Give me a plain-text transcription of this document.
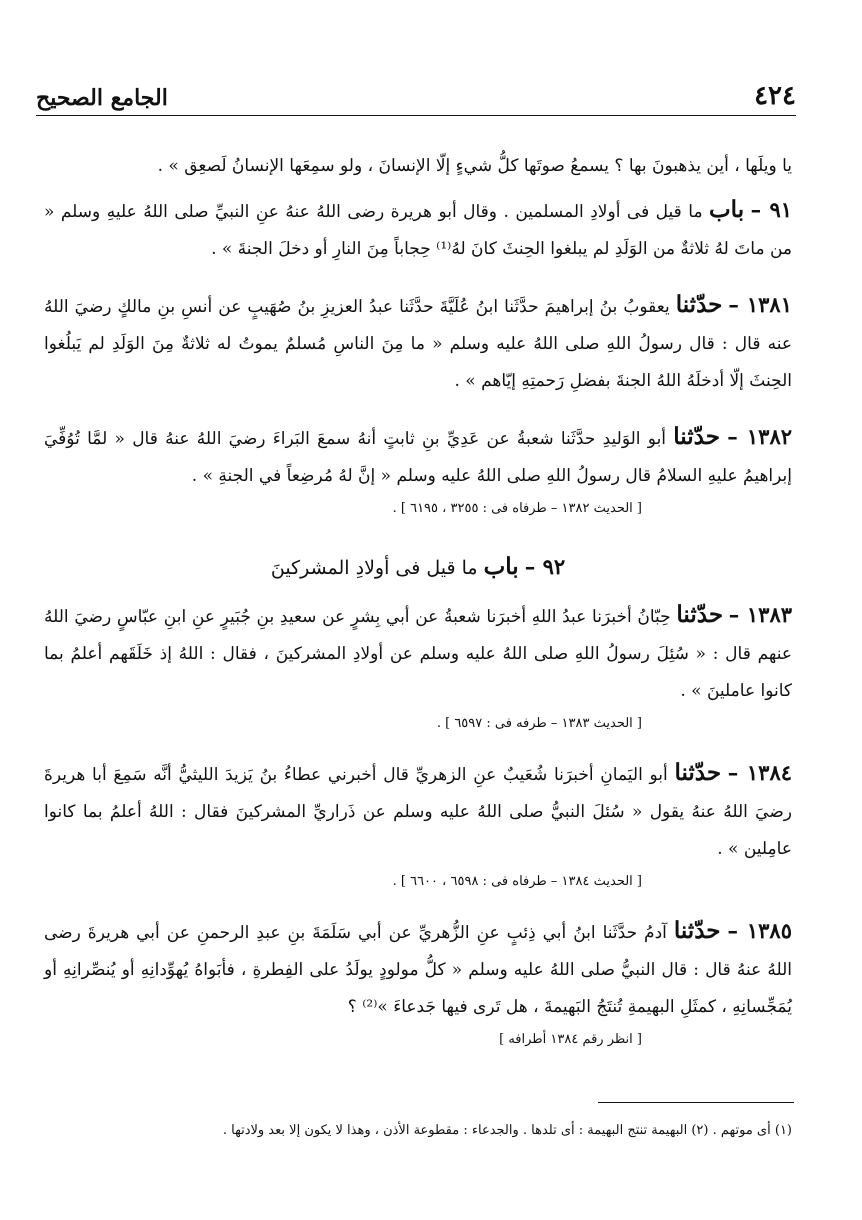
٤٢٤
الجامع الصحيح

يا ويلَها ، أين يذهبونَ بها ؟ يسمعُ صوتَها كلُّ شيءٍ إلّا الإنسانَ ، ولو سمِعَها الإنسانُ لَصعِق » .

٩١ – باب ما قيل فى أولادِ المسلمين . وقال أبو هريرة رضى اللهُ عنهُ عنِ النبيِّ صلى اللهُ عليهِ وسلم « من ماتَ لهُ ثلاثةٌ من الوَلَدِ لم يبلغوا الحِنثَ كانَ لهُ⁽¹⁾ حِجاباً مِنَ النارِ أو دخلَ الجنةَ » .

١٣٨١ – حدّثنا يعقوبُ بنُ إبراهيمَ حدَّثَنا ابنُ عُلَيَّةَ حدَّثَنا عبدُ العزيزِ بنُ صُهَيبٍ عن أنسِ بنِ مالكٍ رضيَ اللهُ عنه قال : قال رسولُ اللهِ صلى اللهُ عليه وسلم « ما مِنَ الناسِ مُسلمٌ يموتُ له ثلاثةٌ مِنَ الوَلَدِ لم يَبلُغوا الحِنثَ إلّا أدخلَهُ اللهُ الجنةَ بفضلِ رَحمتِهِ إيّاهم » .

١٣٨٢ – حدّثنا أبو الوَليدِ حدَّثَنا شعبةُ عن عَدِيِّ بنِ ثابتٍ أنهُ سمعَ البَراءَ رضيَ اللهُ عنهُ قال « لمَّا تُوُفِّيَ إبراهيمُ عليهِ السلامُ قال رسولُ اللهِ صلى اللهُ عليه وسلم « إنَّ لهُ مُرضِعاً في الجنةِ » .

[ الحديث ١٣٨٢ – طرفاه فى : ٣٢٥٥ ، ٦١٩٥ ] .

٩٢ – باب ما قيل فى أولادِ المشركينَ

١٣٨٣ – حدّثنا حِبّانُ أخبرَنا عبدُ اللهِ أخبرَنا شعبةُ عن أبي بِشرٍ عن سعيدِ بنِ جُبَيرٍ عنِ ابنِ عبّاسٍ رضيَ اللهُ عنهم قال : « سُئِلَ رسولُ اللهِ صلى اللهُ عليه وسلم عن أولادِ المشركينَ ، فقال : اللهُ إذ خَلَقَهم أعلمُ بما كانوا عاملينَ » .

[ الحديث ١٣٨٣ – طرفه فى : ٦٥٩٧ ] .

١٣٨٤ – حدّثنا أبو اليَمانِ أخبرَنا شُعَيبٌ عنِ الزهريِّ قال أخبرني عطاءُ بنُ يَزيدَ الليثيُّ أنَّه سَمِعَ أبا هريرةَ رضيَ اللهُ عنهُ يقول « سُئلَ النبيُّ صلى اللهُ عليه وسلم عن ذَراريِّ المشركينَ فقال : اللهُ أعلمُ بما كانوا عامِلين » .

[ الحديث ١٣٨٤ – طرفاه فى : ٦٥٩٨ ، ٦٦٠٠ ] .

١٣٨٥ – حدّثنا آدمُ حدَّثَنا ابنُ أبي ذِئبٍ عنِ الزُّهريِّ عن أبي سَلَمَةَ بنِ عبدِ الرحمنِ عن أبي هريرةَ رضى اللهُ عنهُ قال : قال النبيُّ صلى اللهُ عليه وسلم « كلُّ مولودٍ يولَدُ على الفِطرةِ ، فأبَواهُ يُهوِّدانِهِ أو يُنصِّرانِهِ أو يُمَجِّسانِهِ ، كمثَلِ البهيمةِ تُنتَجُ البَهيمةَ ، هل تَرى فيها جَدعاءَ »⁽²⁾ ؟

[ انظر رقم ١٣٨٤ أطرافه ]

(١) أى موتهم . (٢) البهيمة تنتج البهيمة : أى تلدها . والجدعاء : مقطوعة الأذن ، وهذا لا يكون إلا بعد ولادتها .
